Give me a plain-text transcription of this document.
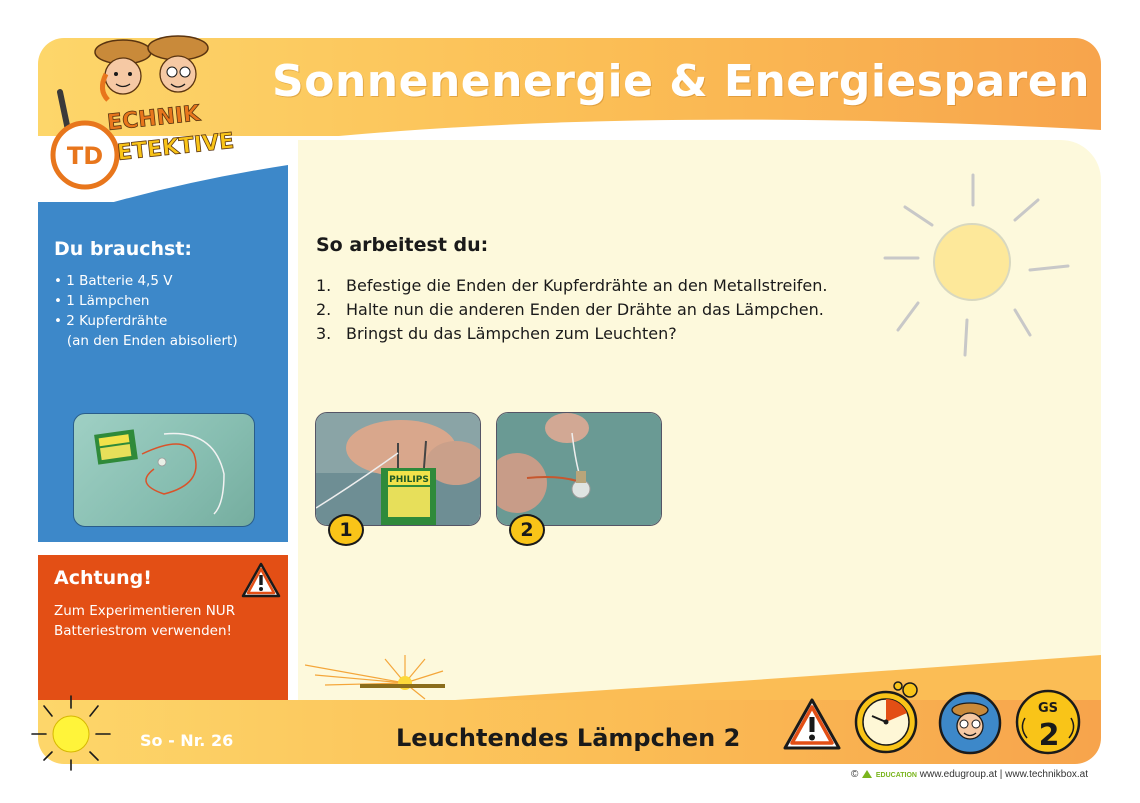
Sonnenenergie & Energiesparen
So arbeitest du:
1. Befestige die Enden der Kupferdrähte an den Metallstreifen.
2. Halte nun die anderen Enden der Drähte an das Lämpchen.
3. Bringst du das Lämpchen zum Leuchten?
PHILIPS
1	2
Du brauchst:
• 1 Batterie 4,5 V
• 1 Lämpchen
• 2 Kupferdrähte
(an den Enden abisoliert)
Achtung!
Zum Experimentieren NUR
Batteriestrom verwenden!
TD
ECHNIK
ETEKTIVE
So - Nr. 26	Leuchtendes Lämpchen 2
GS
2
©	EDUCATION www.edugroup.at | www.technikbox.at
